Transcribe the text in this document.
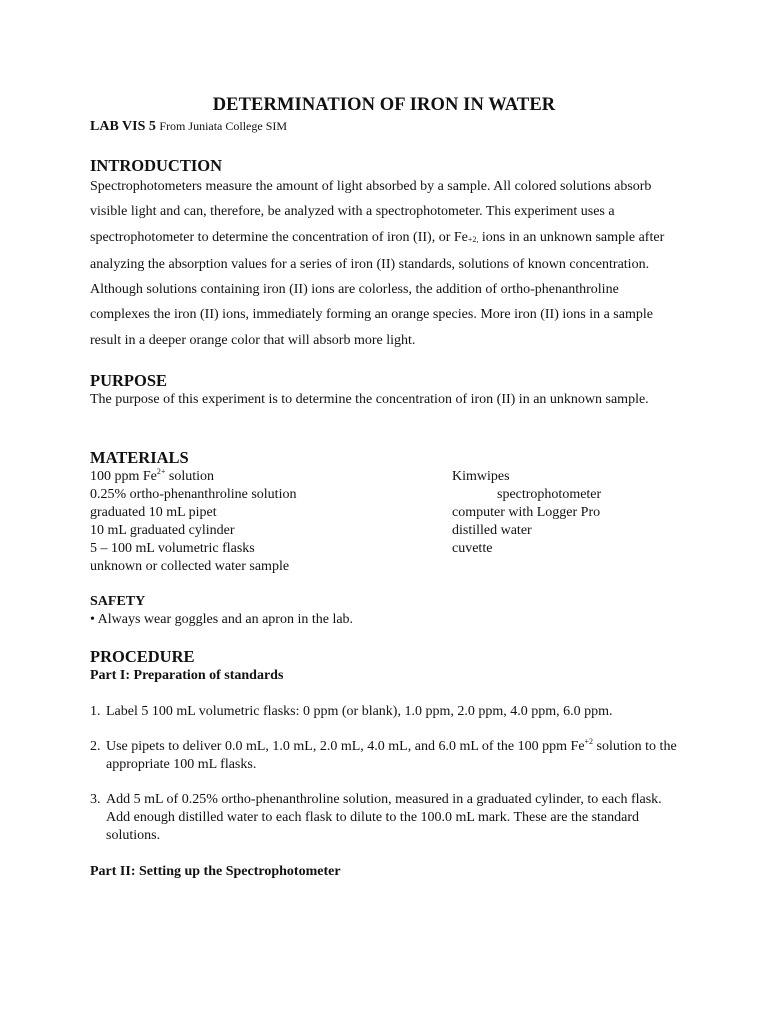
DETERMINATION OF IRON IN WATER
LAB VIS 5 From Juniata College SIM
INTRODUCTION

Spectrophotometers measure the amount of light absorbed by a sample. All colored solutions absorb visible light and can, therefore, be analyzed with a spectrophotometer. This experiment uses a spectrophotometer to determine the concentration of iron (II), or $Fe_{+2,}$ ions in an unknown sample after analyzing the absorption values for a series of iron (II) standards, solutions of known concentration. Although solutions containing iron (II) ions are colorless, the addition of ortho-phenanthroline complexes the iron (II) ions, immediately forming an orange species. More iron (II) ions in a sample result in a deeper orange color that will absorb more light.

PURPOSE

The purpose of this experiment is to determine the concentration of iron (II) in an unknown sample.

MATERIALS
100 ppm $Fe^{2+}$ solution
0.25% ortho-phenanthroline solution
graduated 10 mL pipet
10 mL graduated cylinder
5 – 100 mL volumetric flasks
unknown or collected water sample
Kimwipes
spectrophotometer
computer with Logger Pro
distilled water
cuvette
SAFETY
• Always wear goggles and an apron in the lab.
PROCEDURE
Part I: Preparation of standards
1. Label 5 100 mL volumetric flasks: 0 ppm (or blank), 1.0 ppm, 2.0 ppm, 4.0 ppm, 6.0 ppm.
2. Use pipets to deliver 0.0 mL, 1.0 mL, 2.0 mL, 4.0 mL, and 6.0 mL of the 100 ppm $Fe^{+2}$ solution to the appropriate 100 mL flasks.
3. Add 5 mL of 0.25% ortho-phenanthroline solution, measured in a graduated cylinder, to each flask. Add enough distilled water to each flask to dilute to the 100.0 mL mark. These are the standard solutions.
Part II: Setting up the Spectrophotometer
